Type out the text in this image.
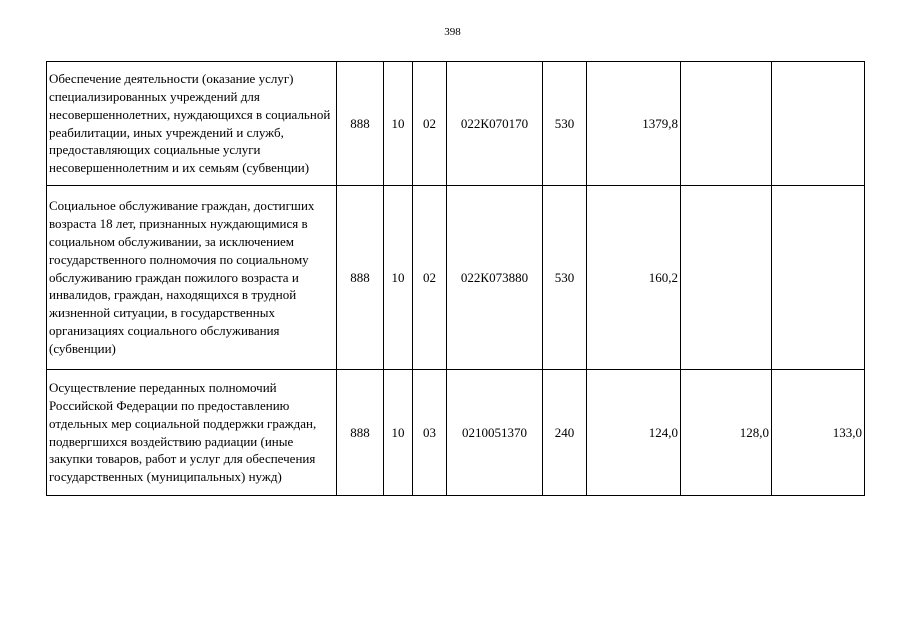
398
Обеспечение деятельности (оказание услуг) специализированных учреждений для несовершеннолетних, нуждающихся в социальной реабилитации, иных учреждений и служб, предоставляющих социальные услуги несовершеннолетним и их семьям (субвенции)	888	10	02	022К070170	530	1379,8		
Социальное обслуживание граждан, достигших возраста 18 лет, признанных нуждающимися в социальном обслуживании, за исключением государственного полномочия по социальному обслуживанию граждан пожилого возраста и инвалидов, граждан, находящихся в трудной жизненной ситуации, в государственных организациях социального обслуживания (субвенции)	888	10	02	022К073880	530	160,2		
Осуществление переданных полномочий Российской Федерации по предоставлению отдельных мер социальной поддержки граждан, подвергшихся воздействию радиации (иные закупки товаров, работ и услуг для обеспечения государственных (муниципальных) нужд)	888	10	03	0210051370	240	124,0	128,0	133,0
